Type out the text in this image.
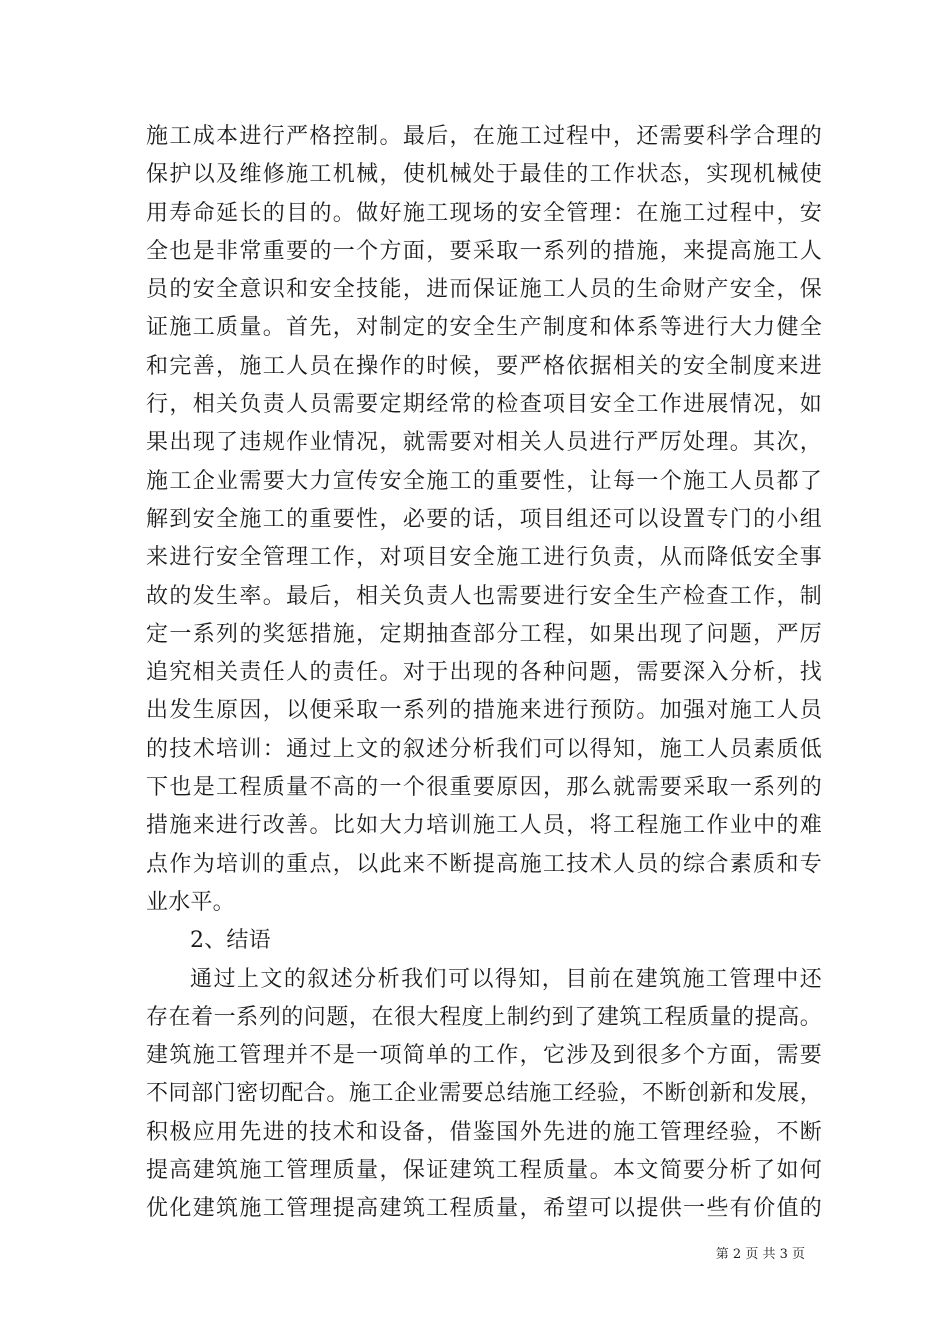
施工成本进行严格控制。最后，在施工过程中，还需要科学合理的
保护以及维修施工机械，使机械处于最佳的工作状态，实现机械使
用寿命延长的目的。做好施工现场的安全管理：在施工过程中，安
全也是非常重要的一个方面，要采取一系列的措施，来提高施工人
员的安全意识和安全技能，进而保证施工人员的生命财产安全，保
证施工质量。首先，对制定的安全生产制度和体系等进行大力健全
和完善，施工人员在操作的时候，要严格依据相关的安全制度来进
行，相关负责人员需要定期经常的检查项目安全工作进展情况，如
果出现了违规作业情况，就需要对相关人员进行严厉处理。其次，
施工企业需要大力宣传安全施工的重要性，让每一个施工人员都了
解到安全施工的重要性，必要的话，项目组还可以设置专门的小组
来进行安全管理工作，对项目安全施工进行负责，从而降低安全事
故的发生率。最后，相关负责人也需要进行安全生产检查工作，制
定一系列的奖惩措施，定期抽查部分工程，如果出现了问题，严厉
追究相关责任人的责任。对于出现的各种问题，需要深入分析，找
出发生原因，以便采取一系列的措施来进行预防。加强对施工人员
的技术培训：通过上文的叙述分析我们可以得知，施工人员素质低
下也是工程质量不高的一个很重要原因，那么就需要采取一系列的
措施来进行改善。比如大力培训施工人员，将工程施工作业中的难
点作为培训的重点，以此来不断提高施工技术人员的综合素质和专
业水平。
2、结语
通过上文的叙述分析我们可以得知，目前在建筑施工管理中还
存在着一系列的问题，在很大程度上制约到了建筑工程质量的提高。
建筑施工管理并不是一项简单的工作，它涉及到很多个方面，需要
不同部门密切配合。施工企业需要总结施工经验，不断创新和发展，
积极应用先进的技术和设备，借鉴国外先进的施工管理经验，不断
提高建筑施工管理质量，保证建筑工程质量。本文简要分析了如何
优化建筑施工管理提高建筑工程质量，希望可以提供一些有价值的
第 2 页 共 3 页
